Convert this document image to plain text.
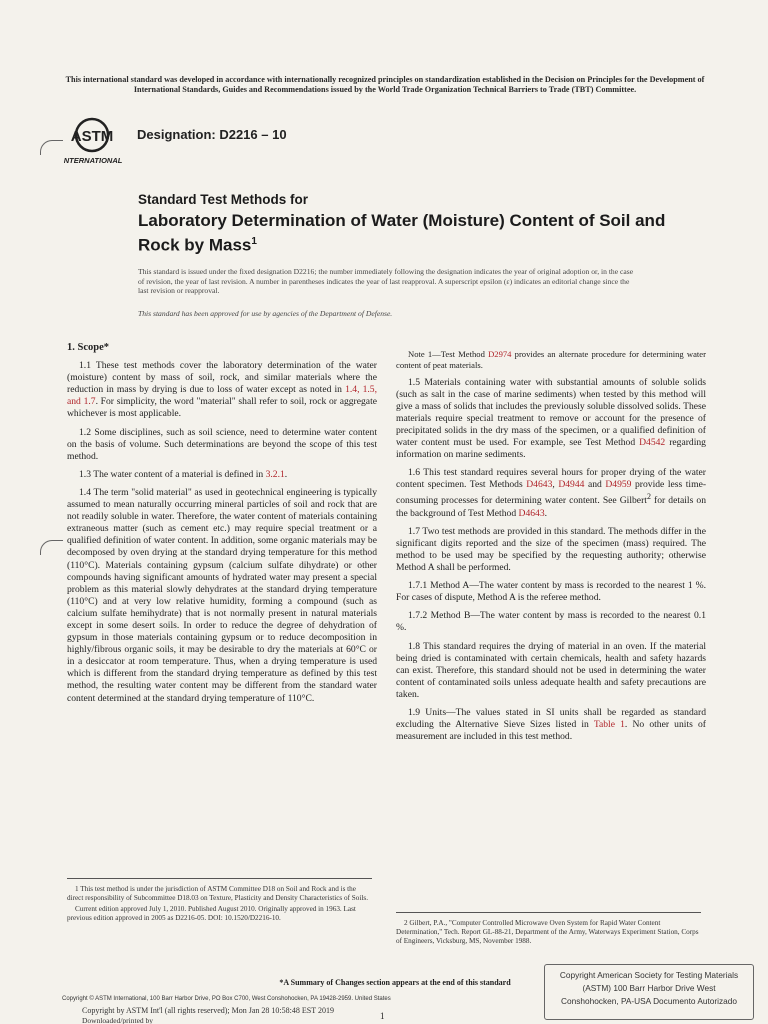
This international standard was developed in accordance with internationally recognized principles on standardization established in the Decision on Principles for the Development of International Standards, Guides and Recommendations issued by the World Trade Organization Technical Barriers to Trade (TBT) Committee.
ASTM
INTERNATIONAL
Designation: D2216 – 10
Standard Test Methods for
Laboratory Determination of Water (Moisture) Content of Soil and Rock by Mass$^1$
This standard is issued under the fixed designation D2216; the number immediately following the designation indicates the year of original adoption or, in the case of revision, the year of last revision. A number in parentheses indicates the year of last reapproval. A superscript epsilon (ε) indicates an editorial change since the last revision or reapproval.
This standard has been approved for use by agencies of the Department of Defense.

1. Scope*

1.1 These test methods cover the laboratory determination of the water (moisture) content by mass of soil, rock, and similar materials where the reduction in mass by drying is due to loss of water except as noted in 1.4, 1.5, and 1.7. For simplicity, the word "material" shall refer to soil, rock or aggregate whichever is most applicable.

1.2 Some disciplines, such as soil science, need to determine water content on the basis of volume. Such determinations are beyond the scope of this test method.

1.3 The water content of a material is defined in 3.2.1.

1.4 The term "solid material" as used in geotechnical engineering is typically assumed to mean naturally occurring mineral particles of soil and rock that are not readily soluble in water. Therefore, the water content of materials containing extraneous matter (such as cement etc.) may require special treatment or a qualified definition of water content. In addition, some organic materials may be decomposed by oven drying at the standard drying temperature for this method (110°C). Materials containing gypsum (calcium sulfate dihydrate) or other compounds having significant amounts of hydrated water may present a special problem as this material slowly dehydrates at the standard drying temperature (110°C) and at very low relative humidity, forming a compound (such as calcium sulfate hemihydrate) that is not normally present in natural materials except in some desert soils. In order to reduce the degree of dehydration of gypsum in those materials containing gypsum or to reduce decomposition in highly/fibrous organic soils, it may be desirable to dry the materials at 60°C or in a desiccator at room temperature. Thus, when a drying temperature is used which is different from the standard drying temperature as defined by this test method, the resulting water content may be different from the standard water content determined at the standard drying temperature of 110°C.

Note 1—Test Method D2974 provides an alternate procedure for determining water content of peat materials.

1.5 Materials containing water with substantial amounts of soluble solids (such as salt in the case of marine sediments) when tested by this method will give a mass of solids that includes the previously soluble dissolved solids. These materials require special treatment to remove or account for the presence of precipitated solids in the dry mass of the specimen, or a qualified definition of water content must be used. For example, see Test Method D4542 regarding information on marine sediments.

1.6 This test standard requires several hours for proper drying of the water content specimen. Test Methods D4643, D4944 and D4959 provide less time-consuming processes for determining water content. See Gilbert$^2$ for details on the background of Test Method D4643.

1.7 Two test methods are provided in this standard. The methods differ in the significant digits reported and the size of the specimen (mass) required. The method to be used may be specified by the requesting authority; otherwise Method A shall be performed.

1.7.1 Method A—The water content by mass is recorded to the nearest 1 %. For cases of dispute, Method A is the referee method.

1.7.2 Method B—The water content by mass is recorded to the nearest 0.1 %.

1.8 This standard requires the drying of material in an oven. If the material being dried is contaminated with certain chemicals, health and safety hazards can exist. Therefore, this standard should not be used in determining the water content of contaminated soils unless adequate health and safety precautions are taken.

1.9 Units—The values stated in SI units shall be regarded as standard excluding the Alternative Sieve Sizes listed in Table 1. No other units of measurement are included in this test method.

1 This test method is under the jurisdiction of ASTM Committee D18 on Soil and Rock and is the direct responsibility of Subcommittee D18.03 on Texture, Plasticity and Density Characteristics of Soils.

Current edition approved July 1, 2010. Published August 2010. Originally approved in 1963. Last previous edition approved in 2005 as D2216-05. DOI: 10.1520/D2216-10.

2 Gilbert, P.A., "Computer Controlled Microwave Oven System for Rapid Water Content Determination," Tech. Report GL-88-21, Department of the Army, Waterways Experiment Station, Corps of Engineers, Vicksburg, MS, November 1988.

*A Summary of Changes section appears at the end of this standard
Copyright © ASTM International, 100 Barr Harbor Drive, PO Box C700, West Conshohocken, PA 19428-2959. United States
Copyright by ASTM Int'l (all rights reserved); Mon Jan 28 10:58:48 EST 2019
Downloaded/printed by	1
Copyright American Society for Testing Materials
(ASTM) 100 Barr Harbor Drive West
Conshohocken, PA-USA Documento Autorizado
